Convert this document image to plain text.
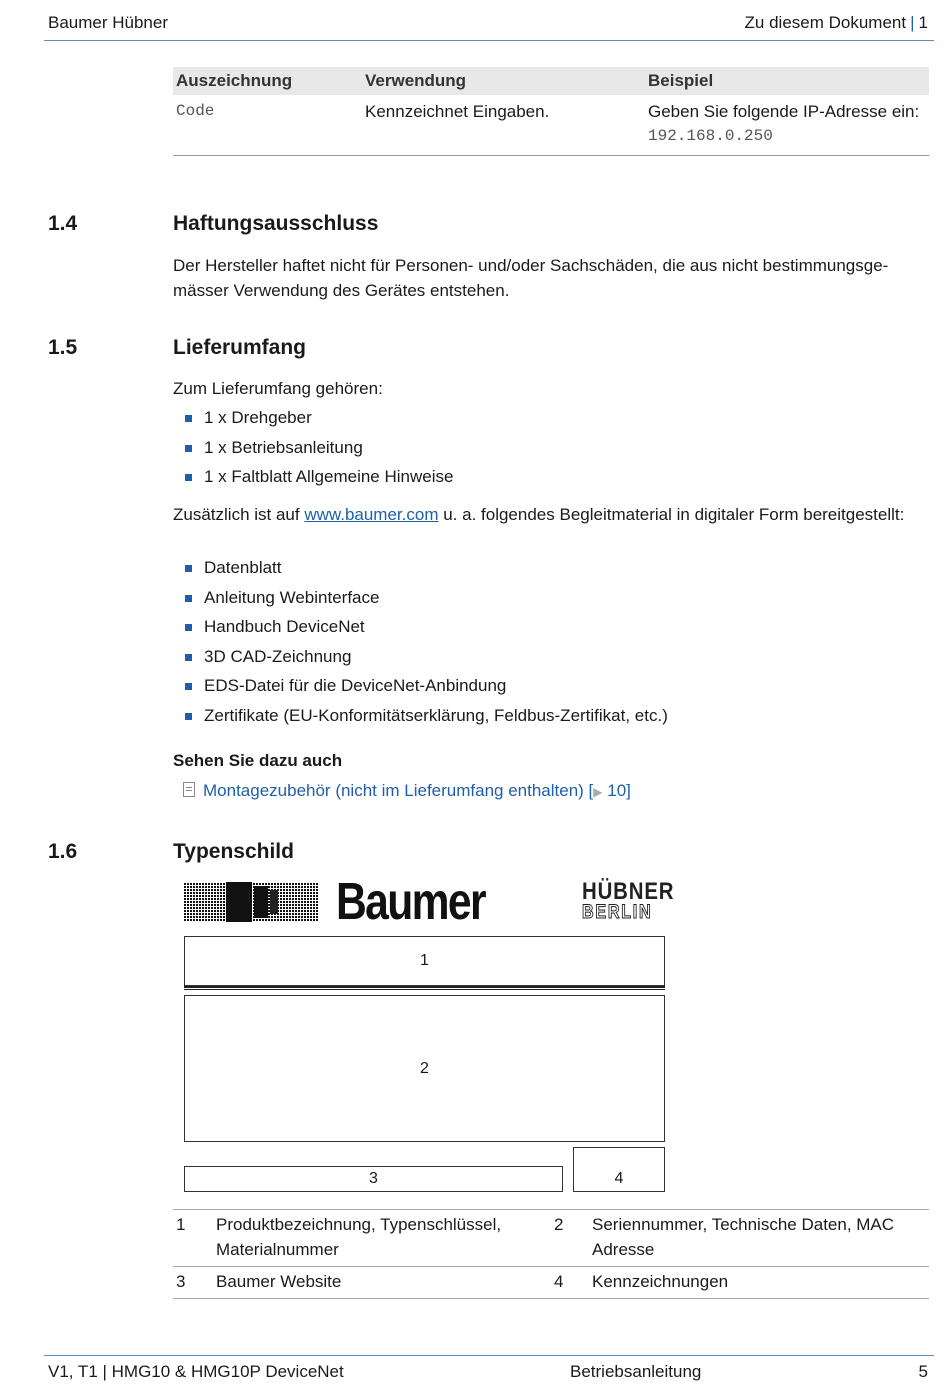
Baumer Hübner	Zu diesem Dokument | 1
Auszeichnung	Verwendung	Beispiel
Code	Kennzeichnet Eingaben.	Geben Sie folgende IP-Adresse ein:
192.168.0.250
1.4	Haftungsausschluss
Der Hersteller haftet nicht für Personen- und/oder Sachschäden, die aus nicht bestimmungsgemässer Verwendung des Gerätes entstehen.
1.5	Lieferumfang
Zum Lieferumfang gehören:
1 x Drehgeber
1 x Betriebsanleitung
1 x Faltblatt Allgemeine Hinweise
Zusätzlich ist auf www.baumer.com u. a. folgendes Begleitmaterial in digitaler Form bereitgestellt:
Datenblatt
Anleitung Webinterface
Handbuch DeviceNet
3D CAD-Zeichnung
EDS-Datei für die DeviceNet-Anbindung
Zertifikate (EU-Konformitätserklärung, Feldbus-Zertifikat, etc.)
Sehen Sie dazu auch
Montagezubehör (nicht im Lieferumfang enthalten) [▶ 10]
1.6	Typenschild
Baumer	HÜBNER
BERLIN
1
2
3	4
1	Produktbezeichnung, Typenschlüssel, Materialnummer	2	Seriennummer, Technische Daten, MAC Adresse
3	Baumer Website	4	Kennzeichnungen
V1, T1 | HMG10 & HMG10P DeviceNet	Betriebsanleitung	5
